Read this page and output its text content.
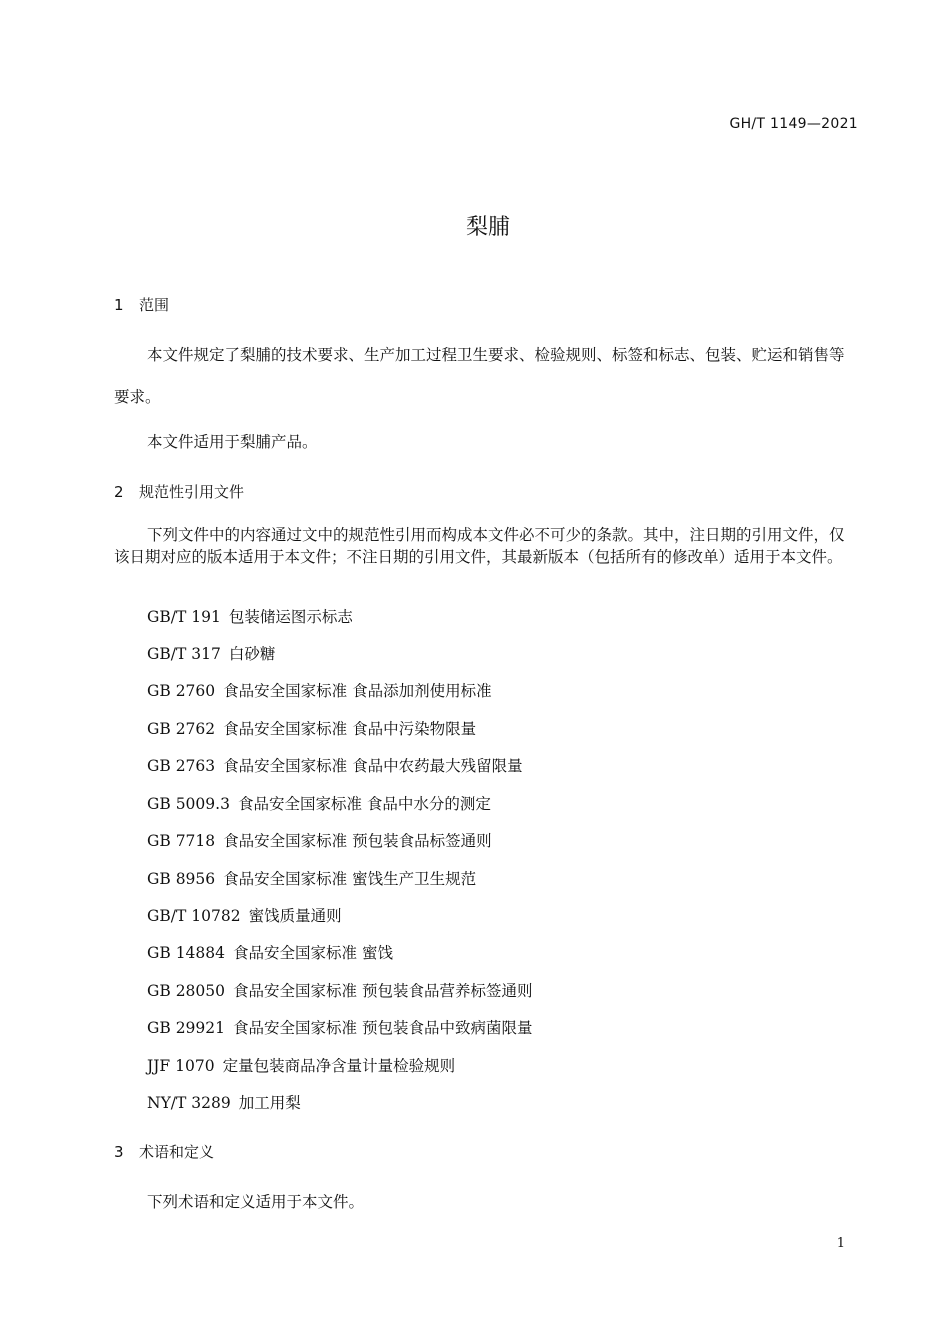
GH/T 1149—2021
梨脯
1 范围
本文件规定了梨脯的技术要求、生产加工过程卫生要求、检验规则、标签和标志、包装、贮运和销售等要求。
本文件适用于梨脯产品。
2 规范性引用文件
下列文件中的内容通过文中的规范性引用而构成本文件必不可少的条款。其中，注日期的引用文件，仅该日期对应的版本适用于本文件；不注日期的引用文件，其最新版本（包括所有的修改单）适用于本文件。
GB/T 191 包装储运图示标志
GB/T 317 白砂糖
GB 2760 食品安全国家标准 食品添加剂使用标准
GB 2762 食品安全国家标准 食品中污染物限量
GB 2763 食品安全国家标准 食品中农药最大残留限量
GB 5009.3 食品安全国家标准 食品中水分的测定
GB 7718 食品安全国家标准 预包装食品标签通则
GB 8956 食品安全国家标准 蜜饯生产卫生规范
GB/T 10782 蜜饯质量通则
GB 14884 食品安全国家标准 蜜饯
GB 28050 食品安全国家标准 预包装食品营养标签通则
GB 29921 食品安全国家标准 预包装食品中致病菌限量
JJF 1070 定量包装商品净含量计量检验规则
NY/T 3289 加工用梨
3 术语和定义
下列术语和定义适用于本文件。
1
